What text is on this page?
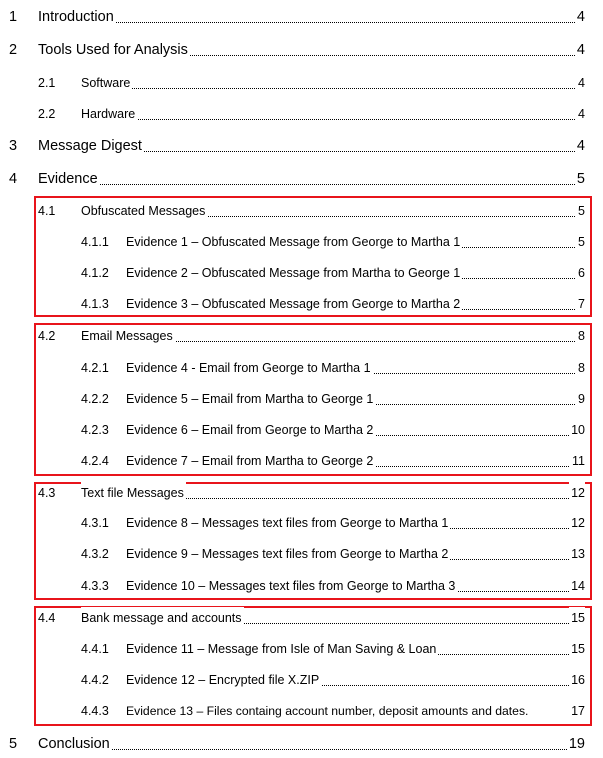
1 Introduction	4
2 Tools Used for Analysis	4
2.1 Software	4
2.2 Hardware	4
3 Message Digest	4
4 Evidence	5
4.1 Obfuscated Messages	5
4.1.1 Evidence 1 – Obfuscated Message from George to Martha 1	5
4.1.2 Evidence 2 – Obfuscated Message from Martha to George 1	6
4.1.3 Evidence 3 – Obfuscated Message from George to Martha 2	7
4.2 Email Messages	8
4.2.1 Evidence 4 - Email from George to Martha 1	8
4.2.2 Evidence 5 – Email from Martha to George 1	9
4.2.3 Evidence 6 – Email from George to Martha 2	10
4.2.4 Evidence 7 – Email from Martha to George 2	11
4.3 Text file Messages	12
4.3.1 Evidence 8 – Messages text files from George to Martha 1	12
4.3.2 Evidence 9 – Messages text files from George to Martha 2	13
4.3.3 Evidence 10 – Messages text files from George to Martha 3	14
4.4 Bank message and accounts	15
4.4.1 Evidence 11 – Message from Isle of Man Saving & Loan	15
4.4.2 Evidence 12 – Encrypted file X.ZIP	16
4.4.3 Evidence 13 – Files containg account number, deposit amounts and dates.	17
5 Conclusion	19
